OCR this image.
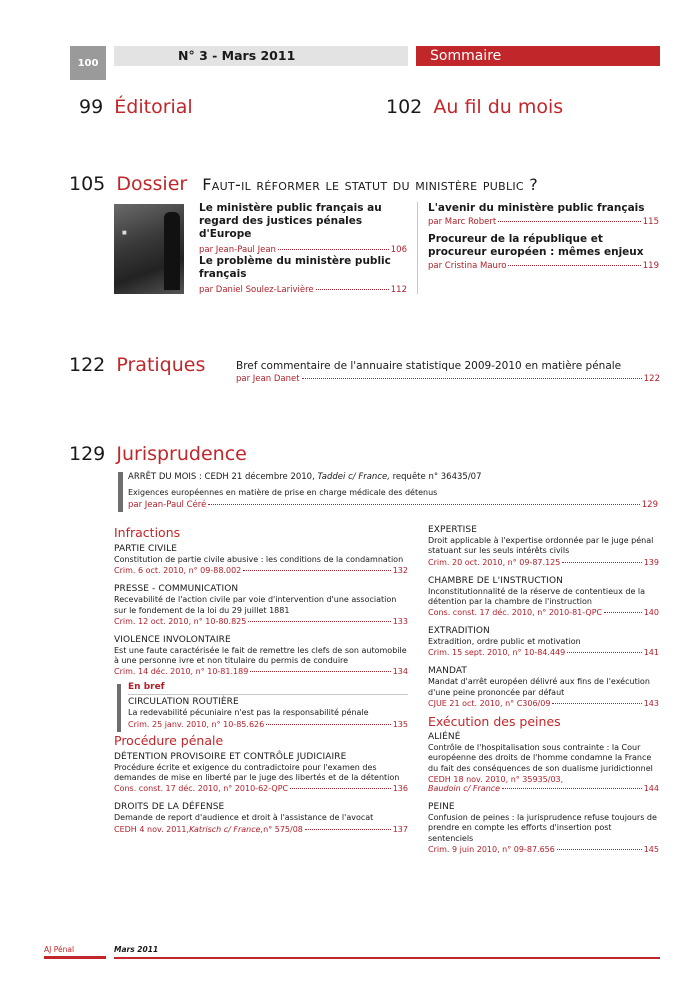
100	N° 3 - Mars 2011	Sommaire
99 Éditorial	102 Au fil du mois
105 Dossier Faut-il réformer le statut du ministère public ?
■
Le ministère public français au regard des justices pénales d'Europe
par Jean-Paul Jean	106
Le problème du ministère public français
par Daniel Soulez-Larivière	112
L'avenir du ministère public français
par Marc Robert	115
Procureur de la république et procureur européen : mêmes enjeux
par Cristina Mauro	119
122 Pratiques	Bref commentaire de l'annuaire statistique 2009-2010 en matière pénale
par Jean Danet	122
129 Jurisprudence
ARRÊT DU MOIS : CEDH 21 décembre 2010, Taddei c/ France, requête n° 36435/07
Exigences européennes en matière de prise en charge médicale des détenus
par Jean-Paul Céré	129
Infractions
PARTIE CIVILE
Constitution de partie civile abusive : les conditions de la condamnation
Crim. 6 oct. 2010, n° 09-88.002	132
PRESSE - COMMUNICATION
Recevabilité de l'action civile par voie d'intervention d'une association sur le fondement de la loi du 29 juillet 1881
Crim. 12 oct. 2010, n° 10-80.825	133
VIOLENCE INVOLONTAIRE
Est une faute caractérisée le fait de remettre les clefs de son automobile à une personne ivre et non titulaire du permis de conduire
Crim. 14 déc. 2010, n° 10-81.189	134
En bref
CIRCULATION ROUTIÈRE
La redevabilité pécuniaire n'est pas la responsabilité pénale
Crim. 25 janv. 2010, n° 10-85.626	135
Procédure pénale
DÉTENTION PROVISOIRE ET CONTRÔLE JUDICIAIRE
Procédure écrite et exigence du contradictoire pour l'examen des demandes de mise en liberté par le juge des libertés et de la détention
Cons. const. 17 déc. 2010, n° 2010-62-QPC	136
DROITS DE LA DÉFENSE
Demande de report d'audience et droit à l'assistance de l'avocat
CEDH 4 nov. 2011, Katrisch c/ France, n° 575/08	137
EXPERTISE
Droit applicable à l'expertise ordonnée par le juge pénal statuant sur les seuls intérêts civils
Crim. 20 oct. 2010, n° 09-87.125	139
CHAMBRE DE L'INSTRUCTION
Inconstitutionnalité de la réserve de contentieux de la détention par la chambre de l'instruction
Cons. const. 17 déc. 2010, n° 2010-81-QPC	140
EXTRADITION
Extradition, ordre public et motivation
Crim. 15 sept. 2010, n° 10-84.449	141
MANDAT
Mandat d'arrêt européen délivré aux fins de l'exécution d'une peine prononcée par défaut
CJUE 21 oct. 2010, n° C306/09	143
Exécution des peines
ALIÉNÉ
Contrôle de l'hospitalisation sous contrainte : la Cour européenne des droits de l'homme condamne la France du fait des conséquences de son dualisme juridictionnel
CEDH 18 nov. 2010, n° 35935/03,
Baudoin c/ France	144
PEINE
Confusion de peines : la jurisprudence refuse toujours de prendre en compte les efforts d'insertion post sentenciels
Crim. 9 juin 2010, n° 09-87.656	145
AJ Pénal	Mars 2011
